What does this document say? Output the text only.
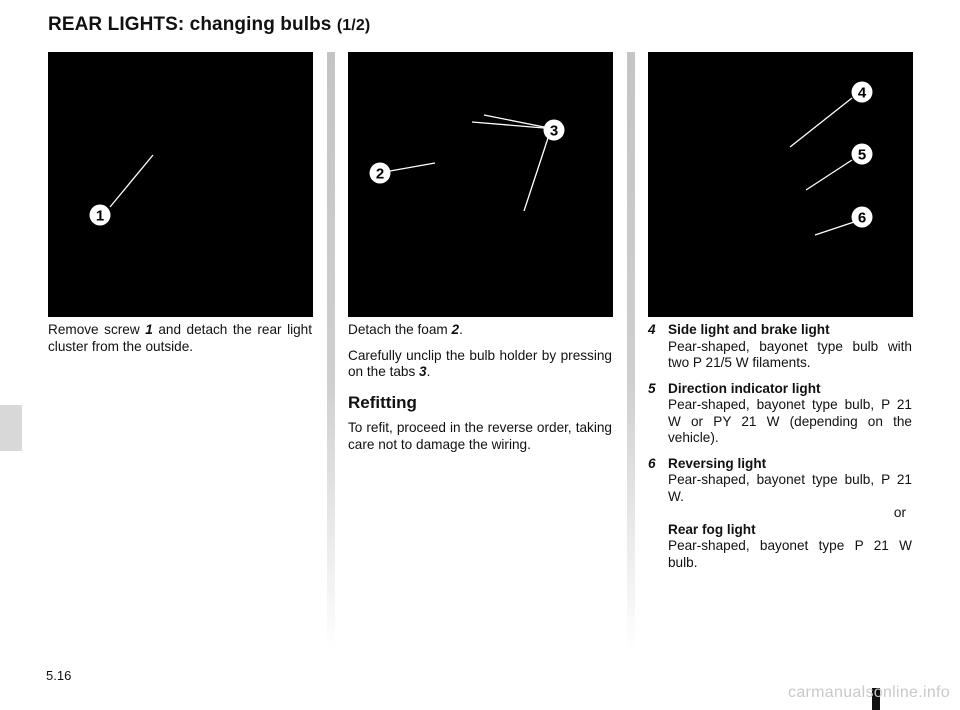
REAR LIGHTS: changing bulbs (1/2)
1
2
3
4
5
6

Remove screw 1 and detach the rear light cluster from the outside.

Detach the foam 2.

Carefully unclip the bulb holder by pressing on the tabs 3.

Refitting

To refit, proceed in the reverse order, taking care not to damage the wiring.

4 Side light and brake light
Pear-shaped, bayonet type bulb with two P 21/5 W filaments.
5 Direction indicator light
Pear-shaped, bayonet type bulb, P 21 W or PY 21 W (depending on the vehicle).
6 Reversing light
Pear-shaped, bayonet type bulb, P 21 W.
or
Rear fog light
Pear-shaped, bayonet type P 21 W bulb.
5.16
carmanualsonline.info
